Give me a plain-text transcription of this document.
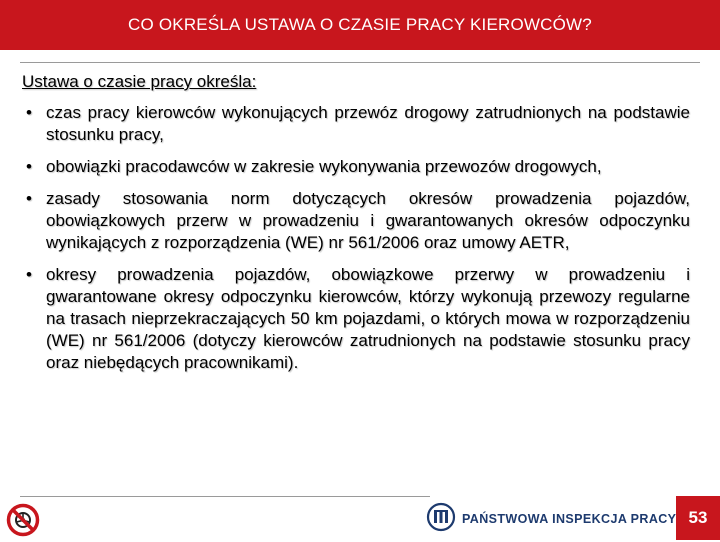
CO OKREŚLA USTAWA O CZASIE PRACY KIEROWCÓW?
Ustawa o czasie pracy określa:
• czas pracy kierowców wykonujących przewóz drogowy zatrudnionych na podstawie stosunku pracy,
• obowiązki pracodawców w zakresie wykonywania przewozów drogowych,
• zasady stosowania norm dotyczących okresów prowadzenia pojazdów, obowiązkowych przerw w prowadzeniu i gwarantowanych okresów odpoczynku wynikających z rozporządzenia (WE) nr 561/2006 oraz umowy AETR,
• okresy prowadzenia pojazdów, obowiązkowe przerwy w prowadzeniu i gwarantowane okresy odpoczynku kierowców, którzy wykonują przewozy regularne na trasach nieprzekraczających 50 km pojazdami, o których mowa w rozporządzeniu (WE) nr 561/2006 (dotyczy kierowców zatrudnionych na podstawie stosunku pracy oraz niebędących pracownikami).
PAŃSTWOWA INSPEKCJA PRACY 53
